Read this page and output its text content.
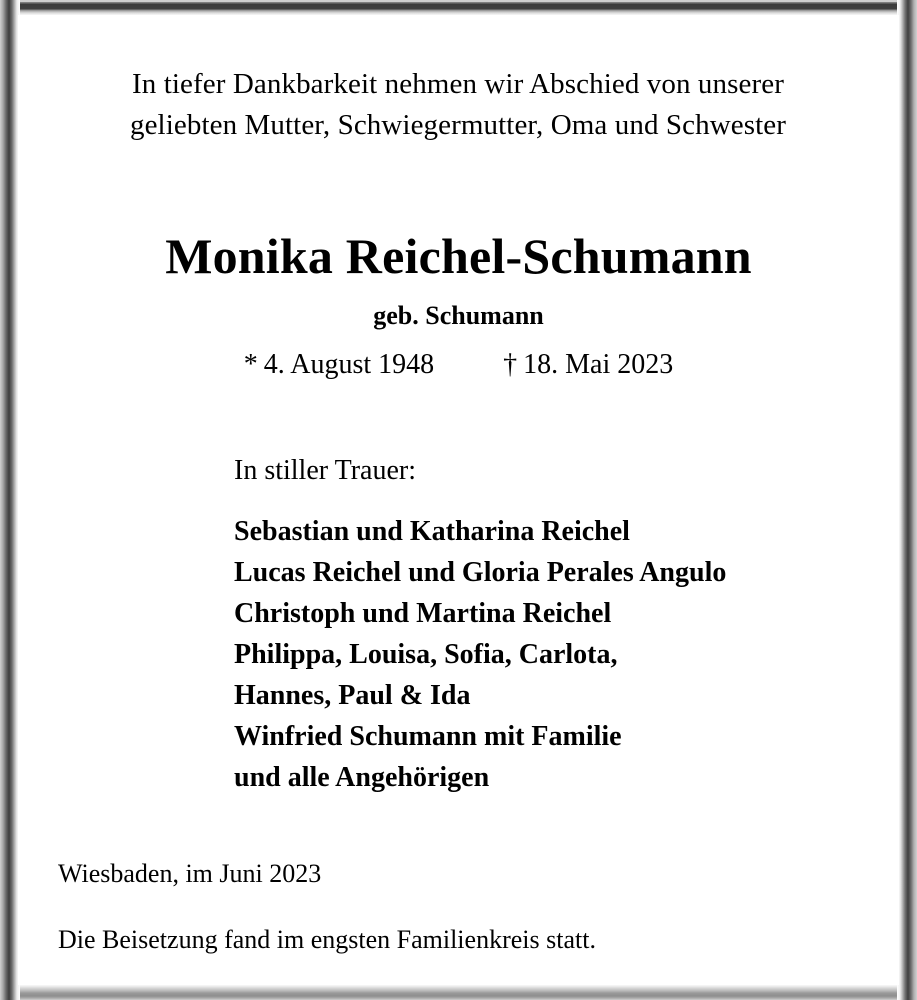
In tiefer Dankbarkeit nehmen wir Abschied von unserer
geliebten Mutter, Schwiegermutter, Oma und Schwester
Monika Reichel-Schumann
geb. Schumann
* 4. August 1948 † 18. Mai 2023
In stiller Trauer:
Sebastian und Katharina Reichel
Lucas Reichel und Gloria Perales Angulo
Christoph und Martina Reichel
Philippa, Louisa, Sofia, Carlota,
Hannes, Paul & Ida
Winfried Schumann mit Familie
und alle Angehörigen
Wiesbaden, im Juni 2023
Die Beisetzung fand im engsten Familienkreis statt.
